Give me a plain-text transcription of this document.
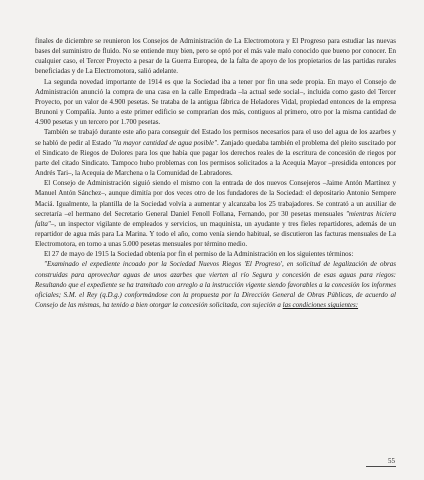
finales de diciembre se reunieron los Consejos de Administración de La Electromotora y El Progreso para estudiar las nuevas bases del suministro de fluido. No se entiende muy bien, pero se optó por el más vale malo conocido que bueno por conocer. En cualquier caso, el Tercer Proyecto a pesar de la Guerra Europea, de la falta de apoyo de los propietarios de las partidas rurales beneficiadas y de La Electromotora, salió adelante.

La segunda novedad importante de 1914 es que la Sociedad iba a tener por fin una sede propia. En mayo el Consejo de Administración anunció la compra de una casa en la calle Empedrada –la actual sede social–, incluida como gasto del Tercer Proyecto, por un valor de 4.900 pesetas. Se trataba de la antigua fábrica de Heladores Vidal, propiedad entonces de la empresa Brunoni y Compañía. Junto a este primer edificio se comprarían dos más, contiguos al primero, otro por la misma cantidad de 4.900 pesetas y un tercero por 1.700 pesetas.

También se trabajó durante este año para conseguir del Estado los permisos necesarios para el uso del agua de los azarbes y se habló de pedir al Estado "la mayor cantidad de agua posible". Zanjado quedaba también el problema del pleito suscitado por el Sindicato de Riegos de Dolores para los que había que pagar los derechos reales de la escritura de concesión de riegos por parte del citado Sindicato. Tampoco hubo problemas con los permisos solicitados a la Acequia Mayor –presidida entonces por Andrés Tari–, la Acequia de Marchena o la Comunidad de Labradores.

El Consejo de Administración siguió siendo el mismo con la entrada de dos nuevos Consejeros –Jaime Antón Martínez y Manuel Antón Sánchez–, aunque dimitía por dos veces otro de los fundadores de la Sociedad: el depositario Antonio Sempere Maciá. Igualmente, la plantilla de la Sociedad volvía a aumentar y alcanzaba los 25 trabajadores. Se contrató a un auxiliar de secretaría –el hermano del Secretario General Daniel Fenoll Follana, Fernando, por 30 pesetas mensuales "mientras hiciera falta"–, un inspector vigilante de empleados y servicios, un maquinista, un ayudante y tres fieles repartidores, además de un repartidor de agua más para La Marina. Y todo el año, como venía siendo habitual, se discutieron las facturas mensuales de La Electromotora, en torno a unas 5.000 pesetas mensuales por término medio.

El 27 de mayo de 1915 la Sociedad obtenía por fin el permiso de la Administración en los siguientes términos:

"Examinado el expediente incoado por la Sociedad Nuevos Riegos 'El Progreso', en solicitud de legalización de obras construidas para aprovechar aguas de unos azarbes que vierten al río Segura y concesión de esas aguas para riegos: Resultando que el expediente se ha tramitado con arreglo a la instrucción vigente siendo favorables a la concesión los informes oficiales; S.M. el Rey (q.D.g.) conformándose con la propuesta por la Dirección General de Obras Públicas, de acuerdo al Consejo de las mismas, ha tenido a bien otorgar la concesión solicitada, con sujeción a las condiciones siguientes:

55
